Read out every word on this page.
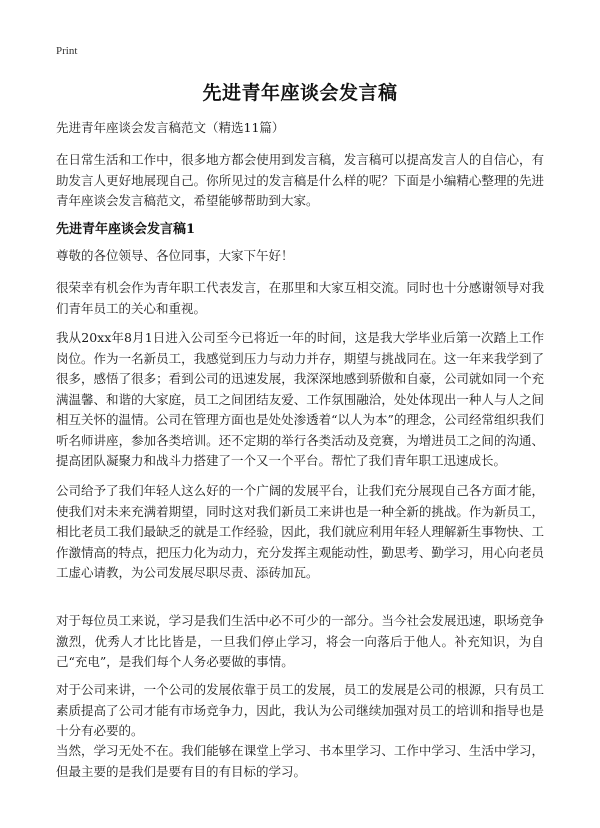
Print
先进青年座谈会发言稿
先进青年座谈会发言稿范文（精选11篇）
在日常生活和工作中，很多地方都会使用到发言稿，发言稿可以提高发言人的自信心，有助发言人更好地展现自己。你所见过的发言稿是什么样的呢？下面是小编精心整理的先进青年座谈会发言稿范文，希望能够帮助到大家。
先进青年座谈会发言稿1
尊敬的各位领导、各位同事，大家下午好！
很荣幸有机会作为青年职工代表发言，在那里和大家互相交流。同时也十分感谢领导对我们青年员工的关心和重视。
我从20xx年8月1日进入公司至今已将近一年的时间，这是我大学毕业后第一次踏上工作岗位。作为一名新员工，我感觉到压力与动力并存，期望与挑战同在。这一年来我学到了很多，感悟了很多；看到公司的迅速发展，我深深地感到骄傲和自豪，公司就如同一个充满温馨、和谐的大家庭，员工之间团结友爱、工作氛围融洽，处处体现出一种人与人之间相互关怀的温情。公司在管理方面也是处处渗透着“以人为本”的理念，公司经常组织我们听名师讲座，参加各类培训。还不定期的举行各类活动及竞赛，为增进员工之间的沟通、提高团队凝聚力和战斗力搭建了一个又一个平台。帮忙了我们青年职工迅速成长。
公司给予了我们年轻人这么好的一个广阔的发展平台，让我们充分展现自己各方面才能，使我们对未来充满着期望，同时这对我们新员工来讲也是一种全新的挑战。作为新员工，相比老员工我们最缺乏的就是工作经验，因此，我们就应利用年轻人理解新生事物快、工作激情高的特点，把压力化为动力，充分发挥主观能动性，勤思考、勤学习，用心向老员工虚心请教，为公司发展尽职尽责、添砖加瓦。
对于每位员工来说，学习是我们生活中必不可少的一部分。当今社会发展迅速，职场竞争激烈，优秀人才比比皆是，一旦我们停止学习，将会一向落后于他人。补充知识，为自己“充电”，是我们每个人务必要做的事情。
对于公司来讲，一个公司的发展依靠于员工的发展，员工的发展是公司的根源，只有员工素质提高了公司才能有市场竞争力，因此，我认为公司继续加强对员工的培训和指导也是十分有必要的。
当然，学习无处不在。我们能够在课堂上学习、书本里学习、工作中学习、生活中学习，但最主要的是我们是要有目的有目标的学习。
